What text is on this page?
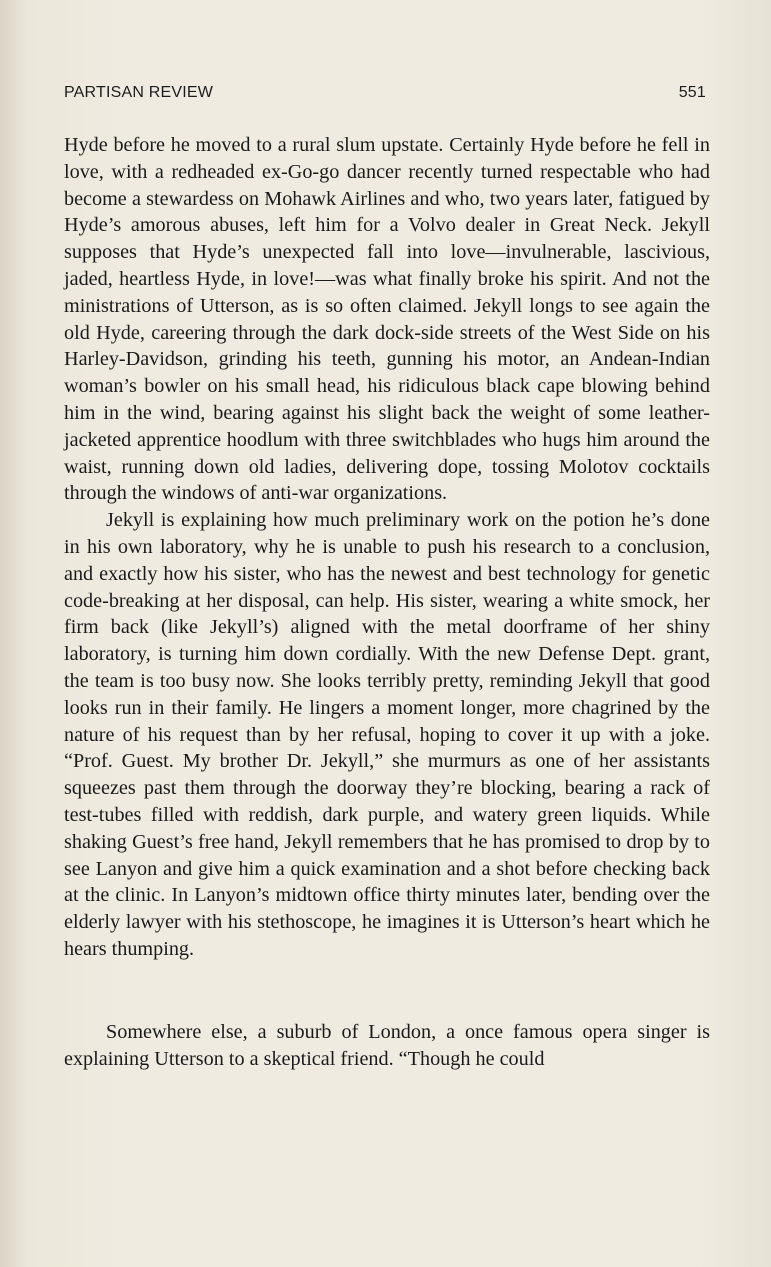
PARTISAN REVIEW	551

Hyde before he moved to a rural slum upstate. Certainly Hyde before he fell in love, with a redheaded ex-Go-go dancer recently turned respectable who had become a stewardess on Mohawk Airlines and who, two years later, fatigued by Hyde’s amorous abuses, left him for a Volvo dealer in Great Neck. Jekyll supposes that Hyde’s unexpected fall into love—invulnerable, lascivious, jaded, heartless Hyde, in love!—was what finally broke his spirit. And not the ministrations of Utterson, as is so often claimed. Jekyll longs to see again the old Hyde, careering through the dark dock-side streets of the West Side on his Harley-Davidson, grinding his teeth, gunning his motor, an Andean-Indian woman’s bowler on his small head, his ridiculous black cape blowing behind him in the wind, bearing against his slight back the weight of some leather-jacketed apprentice hoodlum with three switchblades who hugs him around the waist, running down old ladies, delivering dope, tossing Molotov cocktails through the windows of anti-war organizations.

Jekyll is explaining how much preliminary work on the potion he’s done in his own laboratory, why he is unable to push his research to a conclusion, and exactly how his sister, who has the newest and best technology for genetic code-breaking at her disposal, can help. His sister, wearing a white smock, her firm back (like Jekyll’s) aligned with the metal doorframe of her shiny laboratory, is turning him down cordially. With the new Defense Dept. grant, the team is too busy now. She looks terribly pretty, reminding Jekyll that good looks run in their family. He lingers a moment longer, more chagrined by the nature of his request than by her refusal, hoping to cover it up with a joke. “Prof. Guest. My brother Dr. Jekyll,” she murmurs as one of her assistants squeezes past them through the doorway they’re blocking, bearing a rack of test-tubes filled with reddish, dark purple, and watery green liquids. While shaking Guest’s free hand, Jekyll remembers that he has promised to drop by to see Lanyon and give him a quick examination and a shot before checking back at the clinic. In Lanyon’s midtown office thirty minutes later, bending over the elderly lawyer with his stethoscope, he imagines it is Utterson’s heart which he hears thumping.

Somewhere else, a suburb of London, a once famous opera singer is explaining Utterson to a skeptical friend. “Though he could
